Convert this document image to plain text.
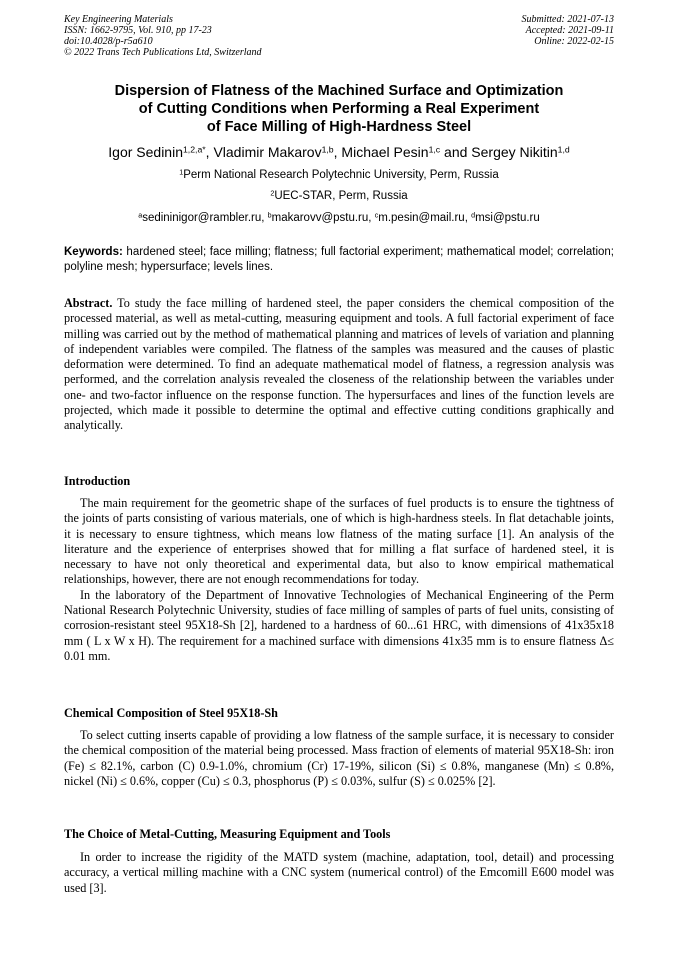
Key Engineering Materials
ISSN: 1662-9795, Vol. 910, pp 17-23
doi:10.4028/p-r5a610
© 2022 Trans Tech Publications Ltd, Switzerland
Submitted: 2021-07-13
Accepted: 2021-09-11
Online: 2022-02-15
Dispersion of Flatness of the Machined Surface and Optimization
of Cutting Conditions when Performing a Real Experiment
of Face Milling of High-Hardness Steel
Igor Sedinin$^{1,2,a*}$, Vladimir Makarov$^{1,b}$, Michael Pesin$^{1,c}$ and Sergey Nikitin$^{1,d}$
$^1$Perm National Research Polytechnic University, Perm, Russia
$^2$UEC-STAR, Perm, Russia
$^a$sedininigor@rambler.ru, $^b$makarovv@pstu.ru, $^c$m.pesin@mail.ru, $^d$msi@pstu.ru
Keywords: hardened steel; face milling; flatness; full factorial experiment; mathematical model; correlation; polyline mesh; hypersurface; levels lines.

Abstract. To study the face milling of hardened steel, the paper considers the chemical composition of the processed material, as well as metal-cutting, measuring equipment and tools. A full factorial experiment of face milling was carried out by the method of mathematical planning and matrices of levels of variation and planning of independent variables were compiled. The flatness of the samples was measured and the causes of plastic deformation were determined. To find an adequate mathematical model of flatness, a regression analysis was performed, and the correlation analysis revealed the closeness of the relationship between the variables under one- and two-factor influence on the response function. The hypersurfaces and lines of the function levels are projected, which made it possible to determine the optimal and effective cutting conditions graphically and analytically.

Introduction

The main requirement for the geometric shape of the surfaces of fuel products is to ensure the tightness of the joints of parts consisting of various materials, one of which is high-hardness steels. In flat detachable joints, it is necessary to ensure tightness, which means low flatness of the mating surface [1]. An analysis of the literature and the experience of enterprises showed that for milling a flat surface of hardened steel, it is necessary to have not only theoretical and experimental data, but also to know empirical mathematical relationships, however, there are not enough recommendations for today.

In the laboratory of the Department of Innovative Technologies of Mechanical Engineering of the Perm National Research Polytechnic University, studies of face milling of samples of parts of fuel units, consisting of corrosion-resistant steel 95X18-Sh [2], hardened to a hardness of 60...61 HRC, with dimensions of 41x35x18 mm ( L x W x H). The requirement for a machined surface with dimensions 41x35 mm is to ensure flatness Δ≤ 0.01 mm.

Chemical Composition of Steel 95X18-Sh

To select cutting inserts capable of providing a low flatness of the sample surface, it is necessary to consider the chemical composition of the material being processed. Mass fraction of elements of material 95X18-Sh: iron (Fe) ≤ 82.1%, carbon (C) 0.9-1.0%, chromium (Cr) 17-19%, silicon (Si) ≤ 0.8%, manganese (Mn) ≤ 0.8%, nickel (Ni) ≤ 0.6%, copper (Cu) ≤ 0.3, phosphorus (P) ≤ 0.03%, sulfur (S) ≤ 0.025% [2].

The Choice of Metal-Cutting, Measuring Equipment and Tools

In order to increase the rigidity of the MATD system (machine, adaptation, tool, detail) and processing accuracy, a vertical milling machine with a CNC system (numerical control) of the Emcomill E600 model was used [3].
